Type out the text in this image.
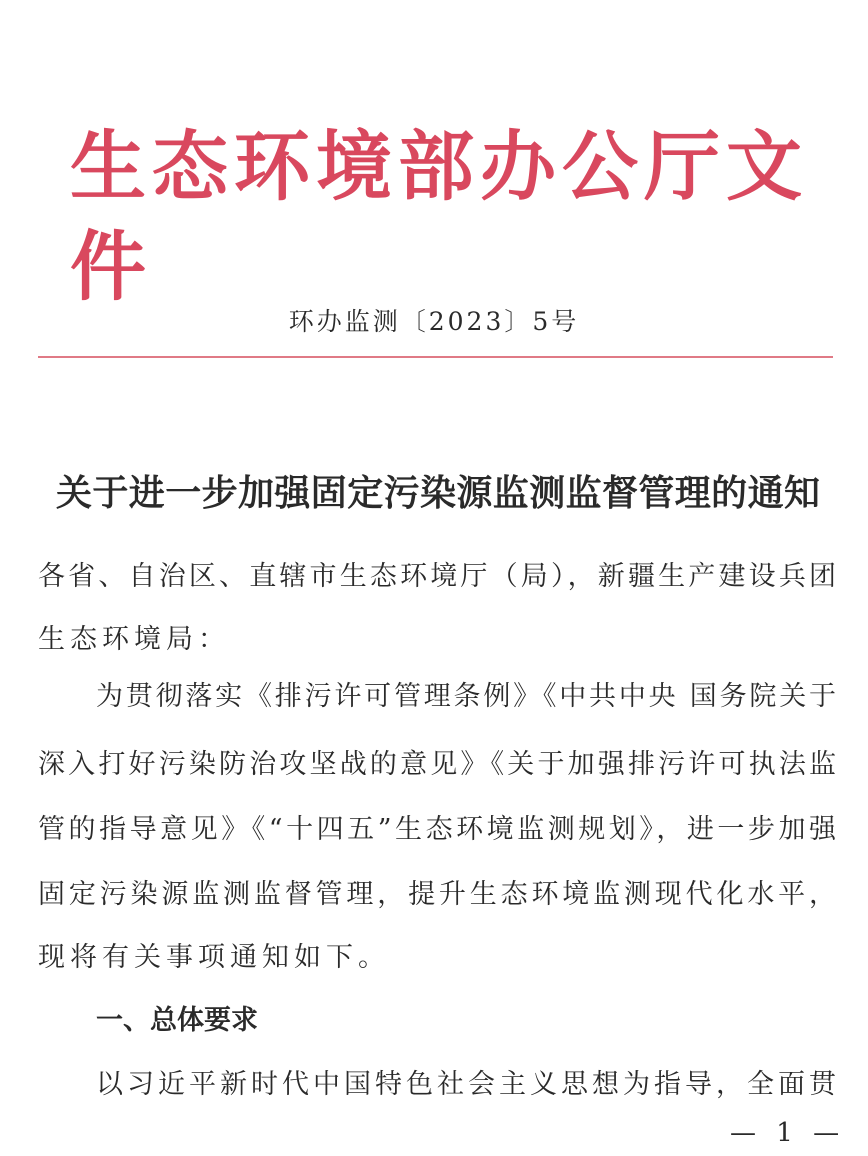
生态环境部办公厅文件
环办监测〔2023〕5号
关于进一步加强固定污染源监测监督管理的通知
各省、自治区、直辖市生态环境厅（局），新疆生产建设兵团
生态环境局：
为贯彻落实《排污许可管理条例》《中共中央 国务院关于
深入打好污染防治攻坚战的意见》《关于加强排污许可执法监
管的指导意见》《“十四五”生态环境监测规划》，进一步加强
固定污染源监测监督管理，提升生态环境监测现代化水平，
现将有关事项通知如下。
一、总体要求
以习近平新时代中国特色社会主义思想为指导，全面贯
— 1 —
